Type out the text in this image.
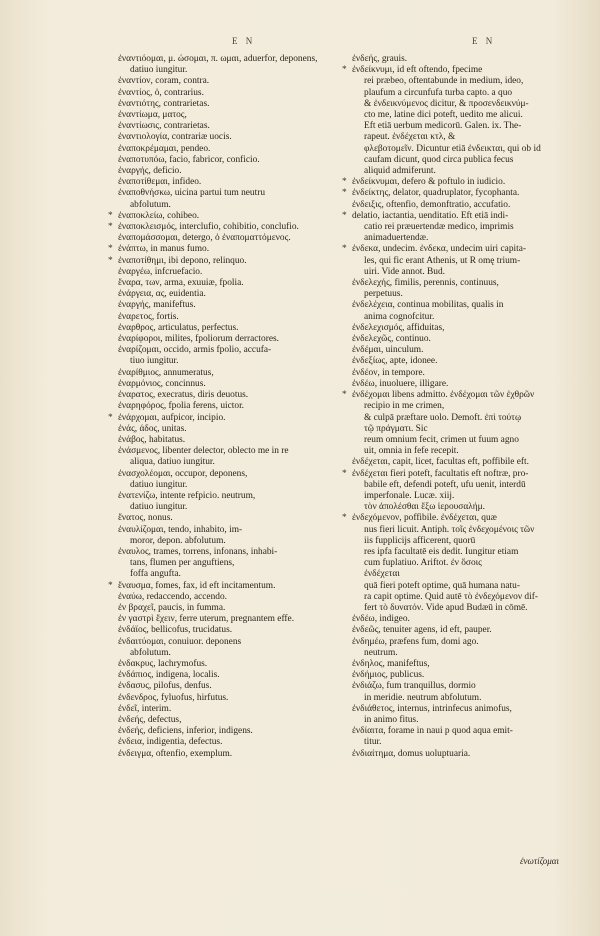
E N	E N
ἐναντιόομαι, μ. ώσομαι, π. ωμαι, aduerfor, deponens,
datiuo iungitur.
ἐναντίον, coram, contra.
ἐναντίος, ὁ, contrarius.
ἐναντιότης, contrarietas.
ἐναντίωμα, ματος,
ἐναντίωσις, contrarietas.
ἐναντιολογία, contrariæ uocis.
ἐναποκρέμαμαι, pendeo.
ἐναποτυπόω, facio, fabricor, conficio.
ἐναργής, deficio.
ἐναποτίθεμαι, infideo.
ἐναποθνήσκω, uicina partui tum neutru
abfolutum.
* ἐναποκλείω, cohibeo.
* ἐναποκλεισμός, interclufio, cohibitio, conclufio.
ἐναπομάσσομαι, detergo, ὁ ἐναποματτόμενος.
* ἐνάπτω, in manus fumo.
* ἐναποτίθημι, ibi depono, relinquo.
ἐναργέω, infcruefacio.
ἔναρα, των, arma, exuuiæ, fpolia.
ἐνάργεια, ας, euidentia.
ἐναργής, manifeftus.
ἐναρετος, fortis.
ἐναρθρος, articulatus, perfectus.
ἐναρίφοροι, milites, fpoliorum derractores.
ἐναρίζομαι, occido, armis fpolio, accufa-
tiuo iungitur.
ἐναρίθμιος, annumeratus,
ἐναρμόνιος, concinnus.
ἐναρατος, execratus, diris deuotus.
ἐναρηφόρος, fpolia ferens, uictor.
* ἐνάρχομαι, aufpicor, incipio.
ἐνάς, άδος, unitas.
ἐνάβος, habitatus.
ἐνάσμενος, libenter delector, oblecto me in re
aliqua, datiuo iungitur.
ἐνασχολέομαι, occupor, deponens,
datiuo iungitur.
ἐνατενίζω, intente refpicio. neutrum,
datiuo iungitur.
ἔνατος, nonus.
ἐναυλίζομαι, tendo, inhabito, im-
moror, depon. abfolutum.
ἐναυλος, trames, torrens, infonans, inhabi-
tans, flumen per anguftiens,
foffa angufta.
* ἔναυσμα, fomes, fax, id eft incitamentum.
ἐναύω, redaccendo, accendo.
ἐν βραχεῖ, paucis, in fumma.
ἐν γαστρὶ ἔχειν, ferre uterum, pregnantem effe.
ἐνδάϊος, bellicofus, trucidatus.
ἐνδαιτύομαι, conuiuor. deponens
abfolutum.
ἐνδακρυς, lachrymofus.
ἐνδάπιος, indigena, localis.
ἐνδασυς, pilofus, denfus.
ἐνδενδρος, fyluofus, hirfutus.
ἐνδεῖ, interim.
ἐνδεής, defectus,
ἐνδεής, deficiens, inferior, indigens.
ἐνδεια, indigentia, defectus.
ἐνδειγμα, oftenfio, exemplum.
ἐνδεής, grauis.
* ἐνδείκνυμι, id eft oftendo, fpecime
rei præbeo, oftentabunde in medium, ideo,
plaufum a circunfufa turba capto. a quo
& ἐνδεικνύμενος dicitur, & προσενδεικνύμ-
cto me, latine dici poteft, uedito me alicui.
Eft etiā uerbum medicorū. Galen. ix. The-
rapeut. ἐνδέχεται κτλ, &
φλεβοτομεῖν. Dicuntur etiā ἐνδεικται, qui ob id
caufam dicunt, quod circa publica fecus
aliquid admiferunt.
* ἐνδείκνυμαι, defero & poftulo in iudicio.
* ἐνδείκτης, delator, quadruplator, fycophanta.
ἐνδειξις, oftenfio, demonftratio, accufatio.
* delatio, iactantia, uenditatio. Eft etiā indi-
catio rei præuertendæ medico, imprimis
animaduertendæ.
* ἐνδεκα, undecim. ἐνδεκα, undecim uiri capita-
les, qui fic erant Athenis, ut R omę trium-
uiri. Vide annot. Bud.
ἐνδελεχής, fimilis, perennis, continuus,
perpetuus.
ἐνδελέχεια, continua mobilitas, qualis in
anima cognofcitur.
ἐνδελεχισμός, affiduitas,
ἐνδελεχῶς, continuo.
ἐνδέμαι, uinculum.
ἐνδεξίως, apte, idonee.
ἐνδέον, in tempore.
ἐνδέω, inuoluere, illigare.
* ἐνδέχομαι libens admitto. ἐνδέχομαι τῶν ἐχθρῶν
recipio in me crimen,
& culpā præftare uolo. Demoft. ἐπὶ τούτῳ
τῷ πράγματι. Sic
reum omnium fecit, crimen ut fuum agno
uit, omnia in fefe recepit.
ἐνδέχεται, capit, licet, facultas eft, poffibile eft.
* ἐνδέχεται fieri poteft, facultatis eft noftræ, pro-
babile eft, defendi poteft, ufu uenit, interdū
imperfonale. Lucæ. xiij.
τὸν ἀπολέσθαι ἔξω ἱερουσαλήμ.
* ἐνδεχόμενον, poffibile. ἐνδέχεται, quæ
nus fieri licuit. Antiph. τοῖς ἐνδεχομένοις τῶν
iis fupplicijs afficerent, quorū
res ipfa facultatē eis dedit. Iungitur etiam
cum fuplatiuo. Ariftot. ἐν ὅσοις
ἐνδέχεται
quā fieri poteft optime, quā humana natu-
ra capit optime. Quid autē τὸ ἐνδεχόμενον dif-
fert τὸ δυνατόν. Vide apud Budæū in cōmē.
ἐνδέω, indigeo.
ἐνδεῶς, tenuiter agens, id eft, pauper.
ἐνδημέω, præfens fum, domi ago.
neutrum.
ἐνδηλος, manifeftus,
ἐνδήμιος, publicus.
ἐνδιάζω, fum tranquillus, dormio
in meridie. neutrum abfolutum.
ἐνδιάθετος, internus, intrinfecus animofus,
in animo fitus.
ἐνδίαιτα, forame in naui p quod aqua emit-
titur.
ἐνδιαίτημα, domus uoluptuaria.
ἐνωτίζομαι
